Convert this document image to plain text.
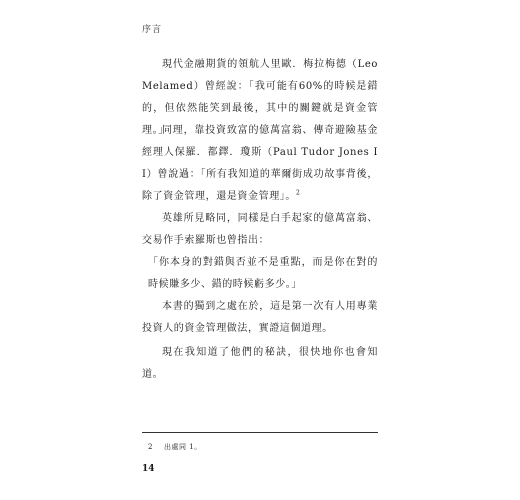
序言

現代金融期貨的領航人里歐．梅拉梅德（Leo Melamed）曾經說：「我可能有60%的時候是錯的，但依然能笑到最後，其中的關鍵就是資金管理。」

同理，靠投資致富的億萬富翁、傳奇避險基金經理人保羅．都鐸．瓊斯（Paul Tudor Jones II）曾說過：「所有我知道的華爾街成功故事背後，除了資金管理，還是資金管理」。$^2$

英雄所見略同，同樣是白手起家的億萬富翁、交易作手索羅斯也曾指出：

「你本身的對錯與否並不是重點，而是你在對的時候賺多少、錯的時候虧多少。」

本書的獨到之處在於，這是第一次有人用專業投資人的資金管理做法，實證這個道理。

現在我知道了他們的秘訣，很快地你也會知道。

2 出處同 1。
14
